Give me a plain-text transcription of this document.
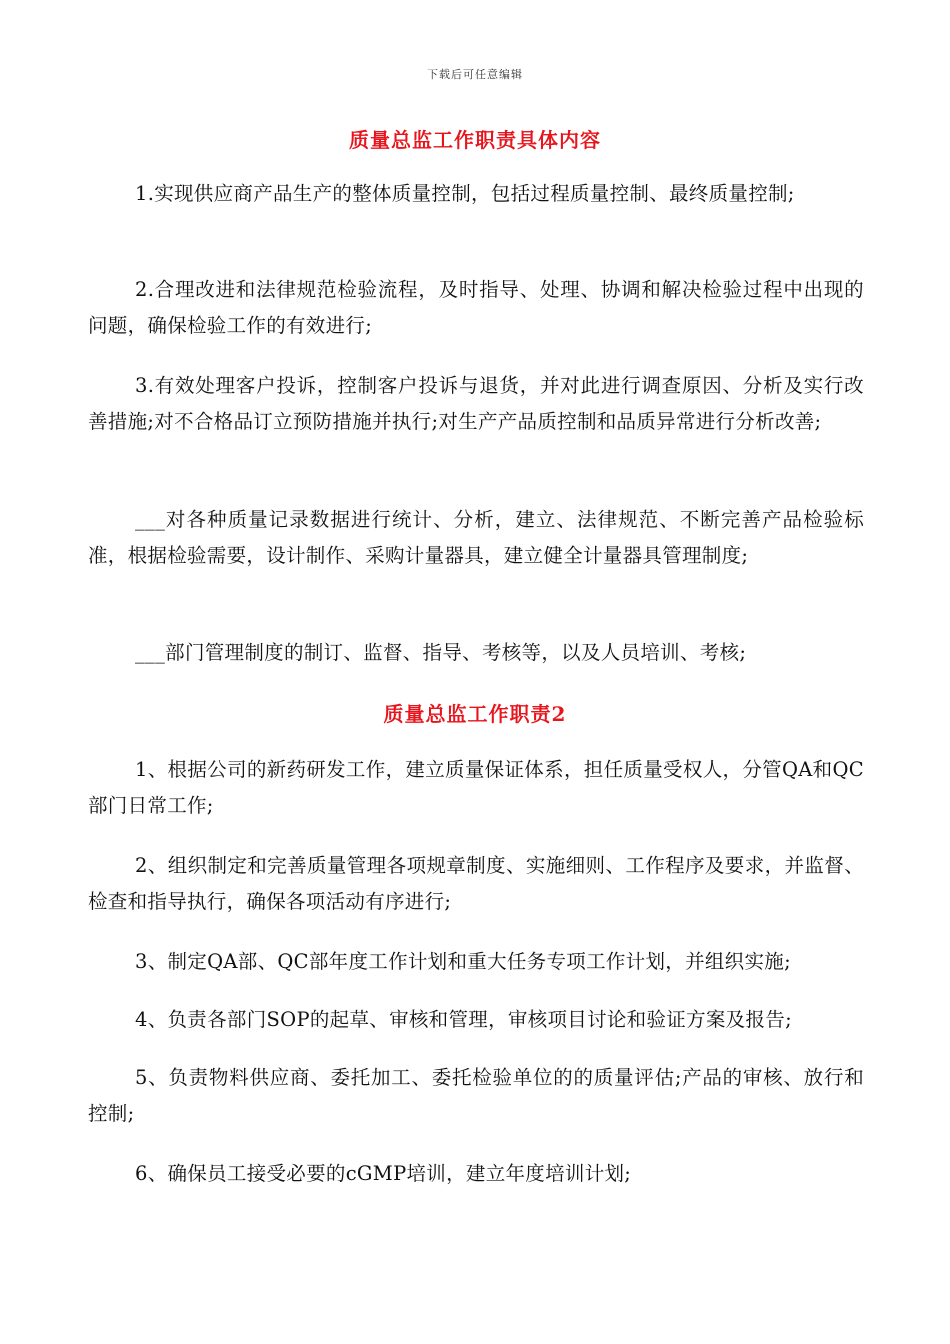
下载后可任意编辑
质量总监工作职责具体内容

1.实现供应商产品生产的整体质量控制，包括过程质量控制、最终质量控制;

2.合理改进和法律规范检验流程，及时指导、处理、协调和解决检验过程中出现的问题，确保检验工作的有效进行;

3.有效处理客户投诉，控制客户投诉与退货，并对此进行调查原因、分析及实行改善措施;对不合格品订立预防措施并执行;对生产产品质控制和品质异常进行分析改善;

___对各种质量记录数据进行统计、分析，建立、法律规范、不断完善产品检验标准，根据检验需要，设计制作、采购计量器具，建立健全计量器具管理制度;

___部门管理制度的制订、监督、指导、考核等，以及人员培训、考核;

质量总监工作职责2

1、根据公司的新药研发工作，建立质量保证体系，担任质量受权人，分管QA和QC部门日常工作;

2、组织制定和完善质量管理各项规章制度、实施细则、工作程序及要求，并监督、检查和指导执行，确保各项活动有序进行;

3、制定QA部、QC部年度工作计划和重大任务专项工作计划，并组织实施;

4、负责各部门SOP的起草、审核和管理，审核项目讨论和验证方案及报告;

5、负责物料供应商、委托加工、委托检验单位的的质量评估;产品的审核、放行和控制;

6、确保员工接受必要的cGMP培训，建立年度培训计划;
